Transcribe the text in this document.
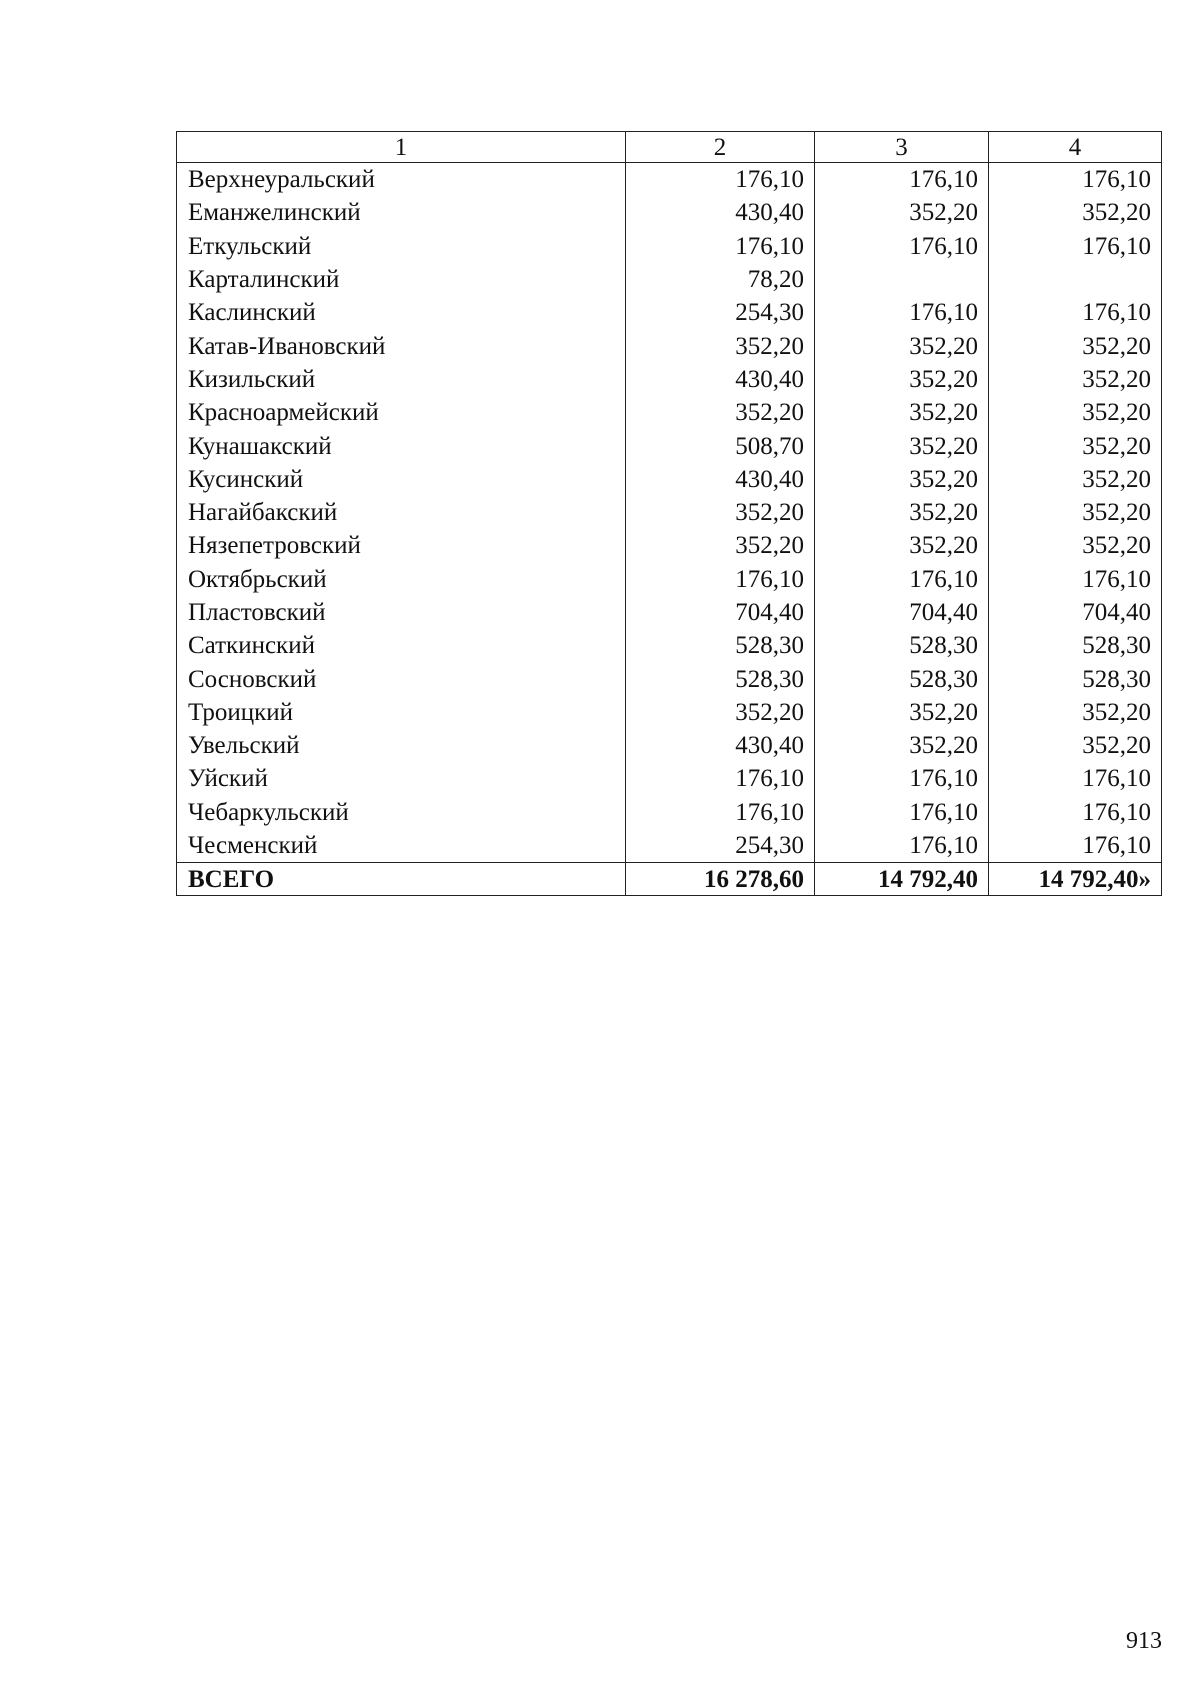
1	2	3	4
Верхнеуральский	176,10	176,10	176,10
Еманжелинский	430,40	352,20	352,20
Еткульский	176,10	176,10	176,10
Карталинский	78,20		
Каслинский	254,30	176,10	176,10
Катав-Ивановский	352,20	352,20	352,20
Кизильский	430,40	352,20	352,20
Красноармейский	352,20	352,20	352,20
Кунашакский	508,70	352,20	352,20
Кусинский	430,40	352,20	352,20
Нагайбакский	352,20	352,20	352,20
Нязепетровский	352,20	352,20	352,20
Октябрьский	176,10	176,10	176,10
Пластовский	704,40	704,40	704,40
Саткинский	528,30	528,30	528,30
Сосновский	528,30	528,30	528,30
Троицкий	352,20	352,20	352,20
Увельский	430,40	352,20	352,20
Уйский	176,10	176,10	176,10
Чебаркульский	176,10	176,10	176,10
Чесменский	254,30	176,10	176,10
ВСЕГО	16 278,60	14 792,40	14 792,40»
913
